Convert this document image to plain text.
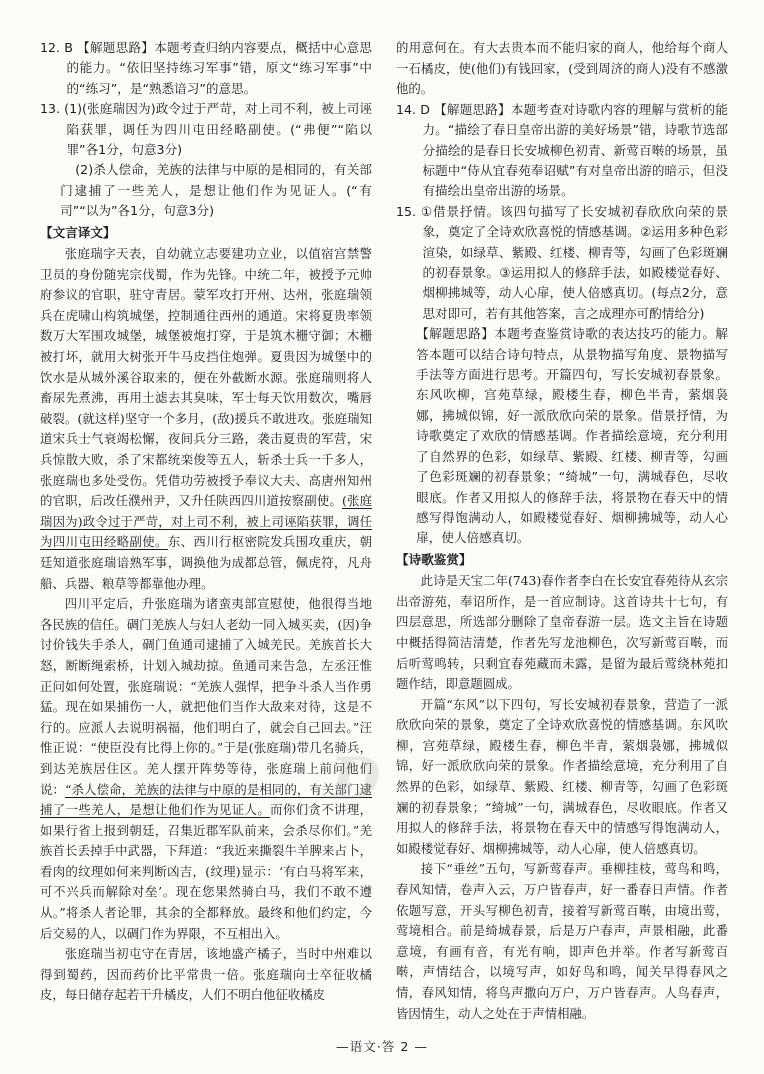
12. B 【解题思路】本题考查归纳内容要点，概括中心意思的能力。“依旧坚持练习军事”错，原文“练习军事”中的“练习”，是“熟悉谙习”的意思。

13. (1)(张庭瑞因为)政令过于严苛，对上司不利，被上司诬陷获罪，调任为四川屯田经略副使。(“弗便”“陷以罪”各1分，句意3分)

(2)杀人偿命，羌族的法律与中原的是相同的，有关部门逮捕了一些羌人，是想让他们作为见证人。(“有司”“以为”各1分，句意3分)

【文言译文】

张庭瑞字天表，自幼就立志要建功立业，以值宿宫禁警卫员的身份随宪宗伐蜀，作为先锋。中统二年，被授予元帅府参议的官职，驻守青居。蒙军攻打开州、达州，张庭瑞领兵在虎啸山构筑城堡，控制通往西州的通道。宋将夏贵率领数万大军围攻城堡，城堡被炮打穿，于是筑木栅守御；木栅被打坏，就用大树张开牛马皮挡住炮弹。夏贵因为城堡中的饮水是从城外溪谷取来的，便在外截断水源。张庭瑞则将人畜尿先煮沸，再用土滤去其臭味，军士每天饮用数次，嘴唇破裂。(就这样)坚守一个多月，(敌)援兵不敢进攻。张庭瑞知道宋兵士气衰竭松懈，夜间兵分三路，袭击夏贵的军营，宋兵惊散大败，杀了宋都统栾俊等五人，斩杀士兵一千多人，张庭瑞也多处受伤。凭借功劳被授予奉议大夫、高唐州知州的官职，后改任濮州尹，又升任陕西四川道按察副使。(张庭瑞因为)政令过于严苛，对上司不利，被上司诬陷获罪，调任为四川屯田经略副使。东、西川行枢密院发兵围攻重庆，朝廷知道张庭瑞谙熟军事，调换他为成都总管，佩虎符，凡舟船、兵器、粮草等都靠他办理。

四川平定后，升张庭瑞为诸蛮夷部宣慰使，他很得当地各民族的信任。碉门羌族人与妇人老幼一同入城买卖，(因)争讨价钱失手杀人，碉门鱼通司逮捕了入城羌民。羌族首长大怒，断断绳索桥，计划入城劫掠。鱼通司来告急，左丞汪惟正问如何处置，张庭瑞说：“羌族人强悍，把争斗杀人当作勇猛。现在如果捕伤一人，就把他们当作大敌来对待，这是不行的。应派人去说明祸福，他们明白了，就会自己回去。”汪惟正说：“使臣没有比得上你的。”于是(张庭瑞)带几名骑兵，到达羌族居住区。羌人摆开阵势等待，张庭瑞上前问他们说：“杀人偿命，羌族的法律与中原的是相同的，有关部门逮捕了一些羌人，是想让他们作为见证人。而你们贪不讲理，如果行省上报到朝廷，召集近郡军队前来，会杀尽你们。”羌族首长丢掉手中武器，下拜道：“我近来撕裂牛羊脾来占卜，看肉的纹理如何来判断凶吉，(纹理)显示：‘有白马将军来，可不兴兵而解除对垒’。现在您果然骑白马，我们不敢不遵从。”将杀人者论罪，其余的全都释放。最终和他们约定，今后交易的人，以碉门作为界限，不互相出入。

张庭瑞当初屯守在青居，该地盛产橘子，当时中州难以得到蜀药，因而药价比平常贵一倍。张庭瑞向士卒征收橘皮，每日储存起若干升橘皮，人们不明白他征收橘皮

的用意何在。有大去贵本而不能归家的商人，他给每个商人一石橘皮，使(他们)有钱回家，(受到周济的商人)没有不感激他的。

14. D 【解题思路】本题考查对诗歌内容的理解与赏析的能力。“描绘了春日皇帝出游的美好场景”错，诗歌节选部分描绘的是春日长安城柳色初青、新莺百啭的场景，虽标题中“侍从宜春苑奉诏赋”有对皇帝出游的暗示，但没有描绘出皇帝出游的场景。

15. ①借景抒情。该四句描写了长安城初春欣欣向荣的景象，奠定了全诗欢欣喜悦的情感基调。②运用多种色彩渲染，如绿草、紫殿、红楼、柳青等，勾画了色彩斑斓的初春景象。③运用拟人的修辞手法，如殿楼觉春好、烟柳拂城等，动人心扉，使人倍感真切。(每点2分，意思对即可，若有其他答案，言之成理亦可酌情给分)

【解题思路】本题考查鉴赏诗歌的表达技巧的能力。解答本题可以结合诗句特点，从景物描写角度、景物描写手法等方面进行思考。开篇四句，写长安城初春景象。东风吹柳，宫苑草绿，殿楼生春，柳色半青，萦烟袅娜，拂城似锦，好一派欣欣向荣的景象。借景抒情，为诗歌奠定了欢欣的情感基调。作者描绘意境，充分利用了自然界的色彩，如绿草、紫殿、红楼、柳青等，勾画了色彩斑斓的初春景象；“绮城”一句，满城春色，尽收眼底。作者又用拟人的修辞手法，将景物在春天中的情感写得饱满动人，如殿楼觉春好、烟柳拂城等，动人心扉，使人倍感真切。

【诗歌鉴赏】

此诗是天宝二年(743)春作者李白在长安宜春苑待从玄宗出帝游苑，奉诏所作，是一首应制诗。这首诗共十七句，有四层意思，所选部分删除了皇帝春游一层。选文主旨在诗题中概括得简洁清楚，作者先写龙池柳色，次写新莺百啭，而后听莺鸣转，只剩宜春苑藏而未露，是留为最后莺绕林苑扣题作结，即意题圆成。

开篇“东风”以下四句，写长安城初春景象，营造了一派欣欣向荣的景象，奠定了全诗欢欣喜悦的情感基调。东风吹柳，宫苑草绿，殿楼生春，柳色半青，萦烟袅娜，拂城似锦，好一派欣欣向荣的景象。作者描绘意境，充分利用了自然界的色彩，如绿草、紫殿、红楼、柳青等，勾画了色彩斑斓的初春景象；“绮城”一句，满城春色，尽收眼底。作者又用拟人的修辞手法，将景物在春天中的情感写得饱满动人，如殿楼觉春好、烟柳拂城等，动人心扉，使人倍感真切。

接下“垂丝”五句，写新莺春声。垂柳挂枝，莺鸟和鸣，春风知情，卷声入云，万户皆春声，好一番春日声情。作者依题写意，开头写柳色初青，接着写新莺百啭，由境出莺，莺境相合。前是绮城春景，后是万户春声，声景相融，此番意境，有画有音，有光有响，即声色并举。作者写新莺百啭，声情结合，以境写声，如好鸟和鸣，闻关早得春风之情，春风知情，将鸟声撒向万户，万户皆春声。人鸟春声，皆因情生，动人之处在于声情相融。

D
—语文·答 2 —
